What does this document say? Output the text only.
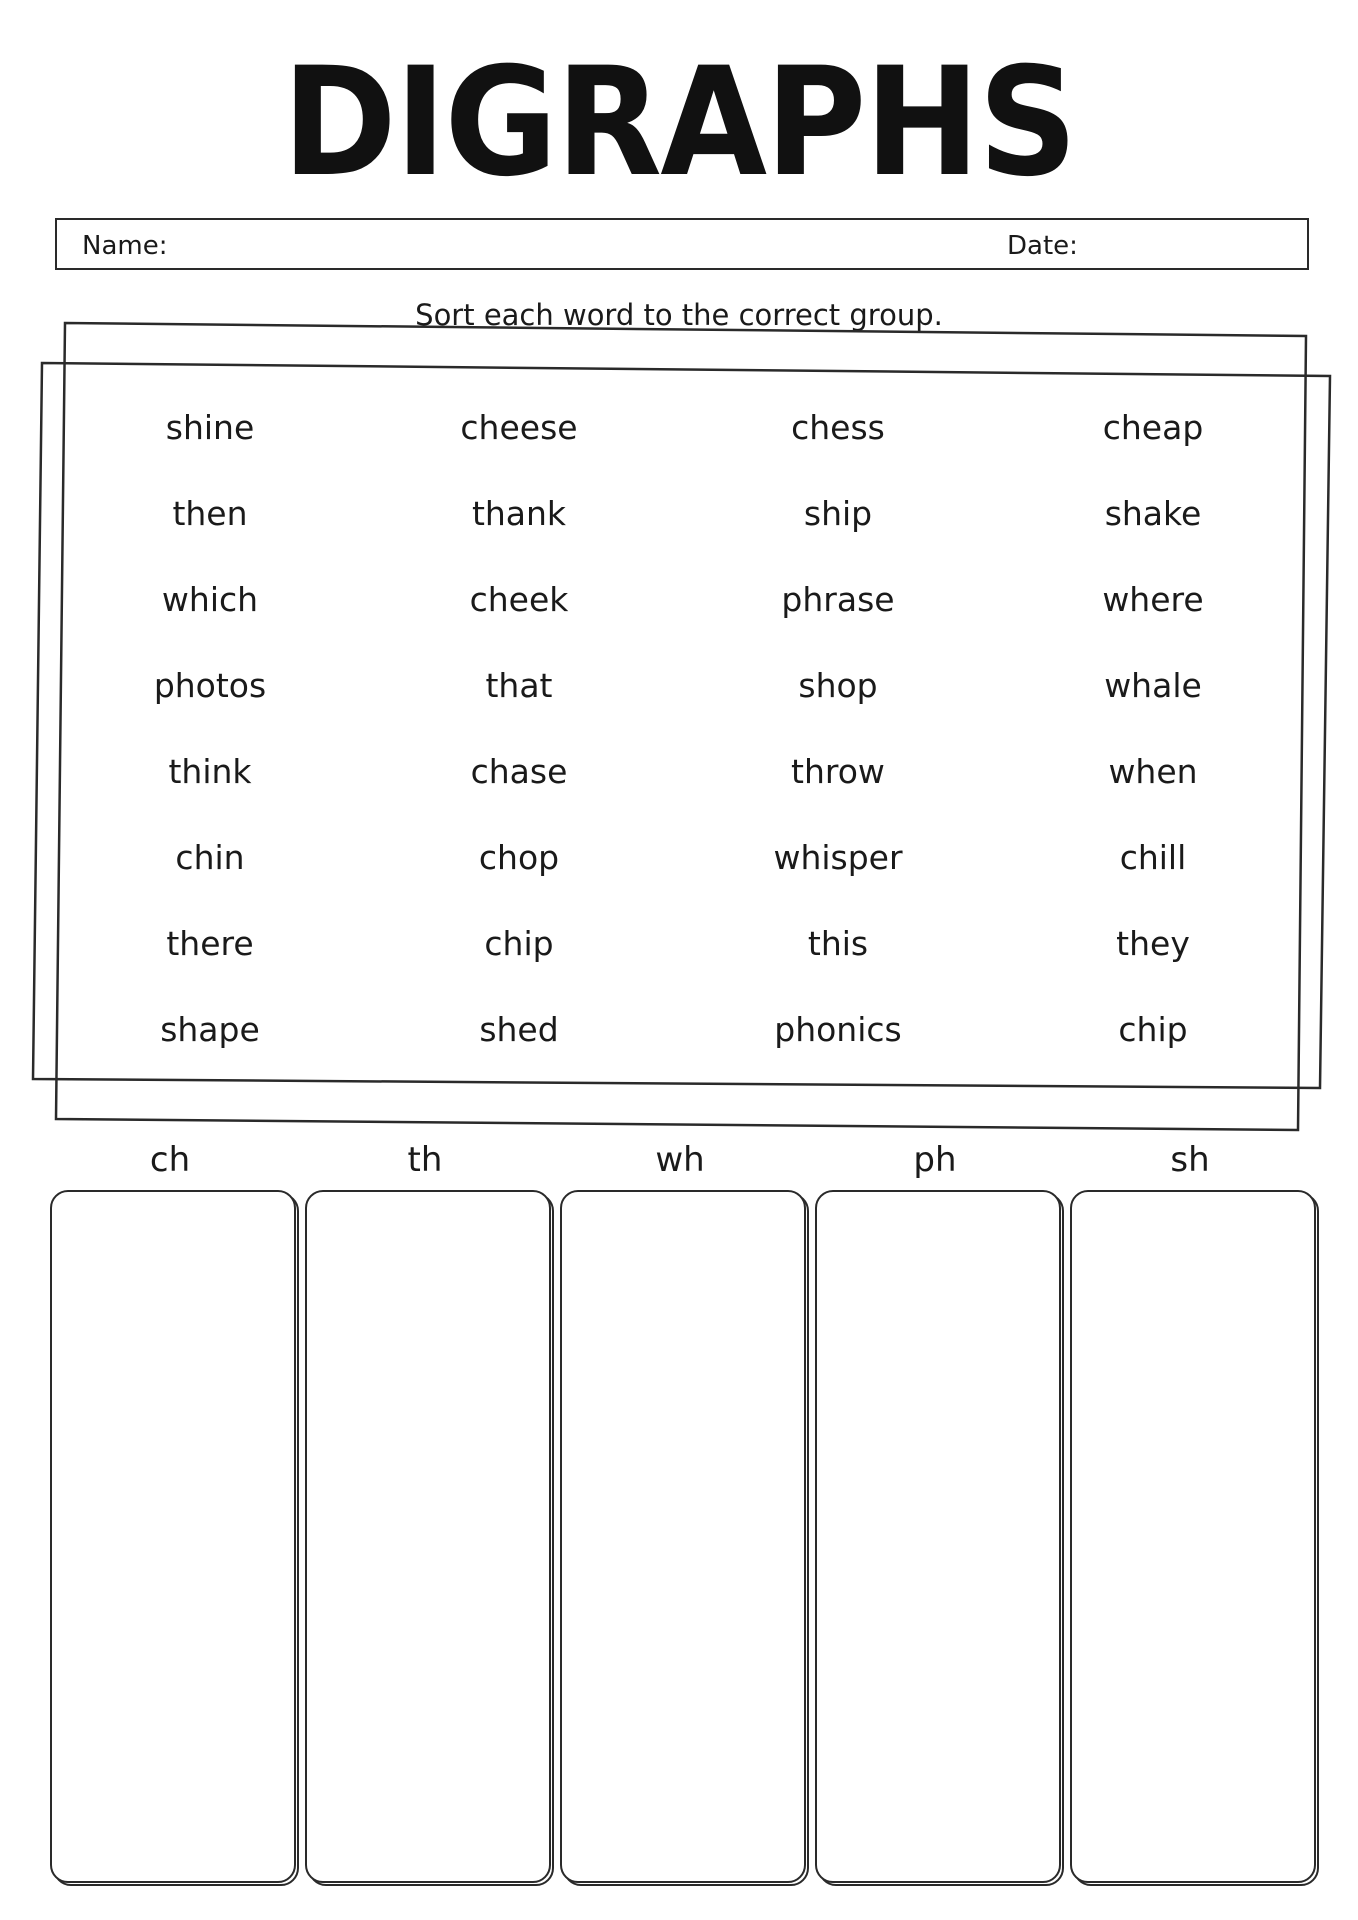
DIGRAPHS
Name:	Date:
Sort each word to the correct group.
shine	cheese	chess	cheap
then	thank	ship	shake
which	cheek	phrase	where
photos	that	shop	whale
think	chase	throw	when
chin	chop	whisper	chill
there	chip	this	they
shape	shed	phonics	chip
ch	th	wh	ph	sh
